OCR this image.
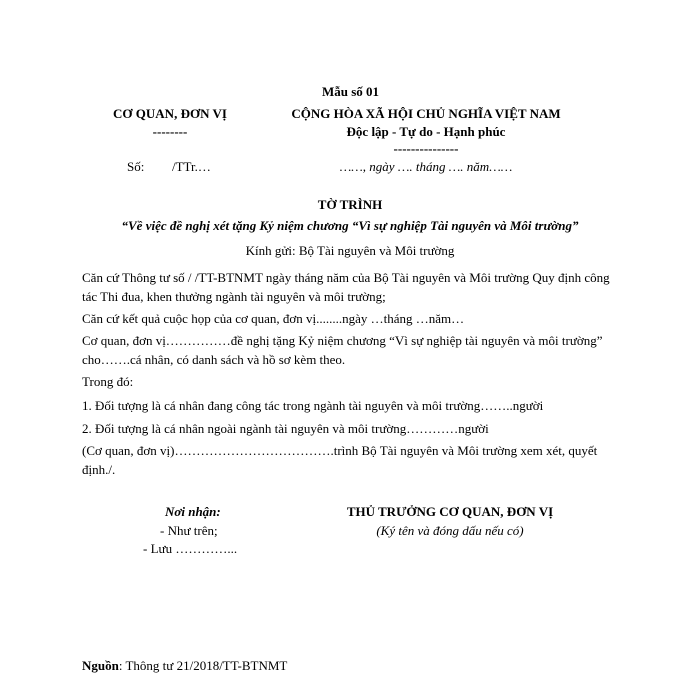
Mẫu số 01
CƠ QUAN, ĐƠN VỊ
--------
Số: /TTr.…
CỘNG HÒA XÃ HỘI CHỦ NGHĨA VIỆT NAM
Độc lập - Tự do - Hạnh phúc
---------------
……, ngày …. tháng …. năm……
TỜ TRÌNH
“Về việc đề nghị xét tặng Kỷ niệm chương “Vì sự nghiệp Tài nguyên và Môi trường”
Kính gửi: Bộ Tài nguyên và Môi trường
Căn cứ Thông tư số / /TT-BTNMT ngày tháng năm của Bộ Tài nguyên và Môi trường Quy định công tác Thi đua, khen thưởng ngành tài nguyên và môi trường;
Căn cứ kết quả cuộc họp của cơ quan, đơn vị........ngày …tháng …năm…
Cơ quan, đơn vị……………đề nghị tặng Kỷ niệm chương “Vì sự nghiệp tài nguyên và môi trường” cho…….cá nhân, có danh sách và hồ sơ kèm theo.
Trong đó:
1. Đối tượng là cá nhân đang công tác trong ngành tài nguyên và môi trường……..người
2. Đối tượng là cá nhân ngoài ngành tài nguyên và môi trường…………người
(Cơ quan, đơn vị)……………………………….trình Bộ Tài nguyên và Môi trường xem xét, quyết định./.
Nơi nhận:
- Như trên;
- Lưu …………...
THỦ TRƯỞNG CƠ QUAN, ĐƠN VỊ
(Ký tên và đóng dấu nếu có)
Nguồn: Thông tư 21/2018/TT-BTNMT
